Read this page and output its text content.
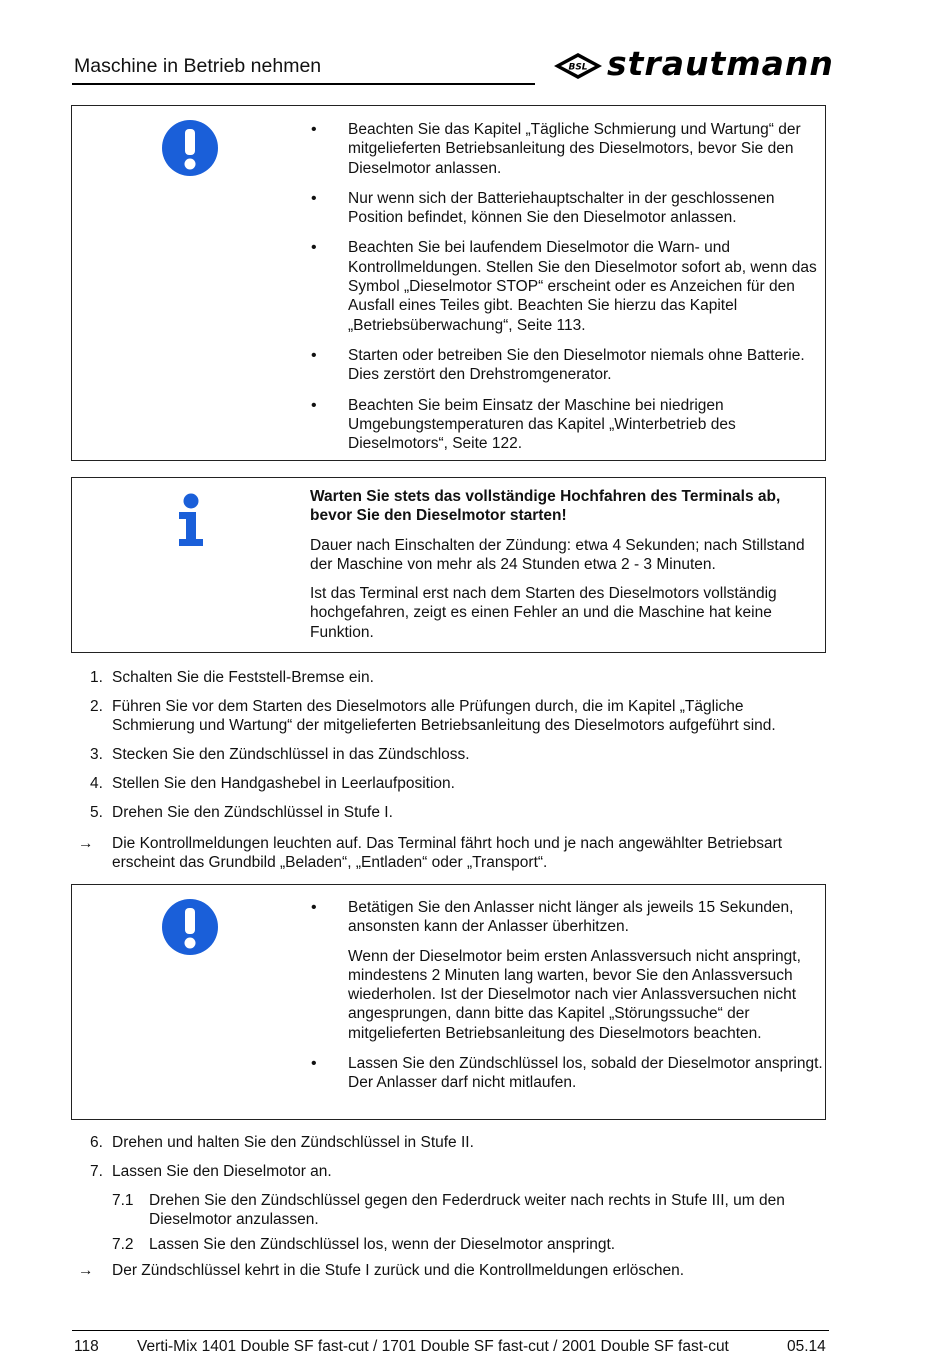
Maschine in Betrieb nehmen	BSL strautmann
• Beachten Sie das Kapitel „Tägliche Schmierung und Wartung“ der mitgelieferten Betriebsanleitung des Dieselmotors, bevor Sie den Dieselmotor anlassen.
• Nur wenn sich der Batteriehauptschalter in der geschlossenen Position befindet, können Sie den Dieselmotor anlassen.
• Beachten Sie bei laufendem Dieselmotor die Warn- und Kontrollmeldungen. Stellen Sie den Dieselmotor sofort ab, wenn das Symbol „Dieselmotor STOP“ erscheint oder es Anzeichen für den Ausfall eines Teiles gibt. Beachten Sie hierzu das Kapitel „Betriebsüberwachung“, Seite 113.
• Starten oder betreiben Sie den Dieselmotor niemals ohne Batterie. Dies zerstört den Drehstromgenerator.
• Beachten Sie beim Einsatz der Maschine bei niedrigen Umgebungstemperaturen das Kapitel „Winterbetrieb des Dieselmotors“, Seite 122.

Warten Sie stets das vollständige Hochfahren des Terminals ab, bevor Sie den Dieselmotor starten!

Dauer nach Einschalten der Zündung: etwa 4 Sekunden; nach Stillstand der Maschine von mehr als 24 Stunden etwa 2 - 3 Minuten.

Ist das Terminal erst nach dem Starten des Dieselmotors vollständig hochgefahren, zeigt es einen Fehler an und die Maschine hat keine Funktion.

1. Schalten Sie die Feststell-Bremse ein.
2. Führen Sie vor dem Starten des Dieselmotors alle Prüfungen durch, die im Kapitel „Tägliche Schmierung und Wartung“ der mitgelieferten Betriebsanleitung des Dieselmotors aufgeführt sind.
3. Stecken Sie den Zündschlüssel in das Zündschloss.
4. Stellen Sie den Handgashebel in Leerlaufposition.
5. Drehen Sie den Zündschlüssel in Stufe I.
→ Die Kontrollmeldungen leuchten auf. Das Terminal fährt hoch und je nach angewählter Betriebsart erscheint das Grundbild „Beladen“, „Entladen“ oder „Transport“.

• Betätigen Sie den Anlasser nicht länger als jeweils 15 Sekunden, ansonsten kann der Anlasser überhitzen.

Wenn der Dieselmotor beim ersten Anlassversuch nicht anspringt, mindestens 2 Minuten lang warten, bevor Sie den Anlassversuch wiederholen. Ist der Dieselmotor nach vier Anlassversuchen nicht angesprungen, dann bitte das Kapitel „Störungssuche“ der mitgelieferten Betriebsanleitung des Dieselmotors beachten.

• Lassen Sie den Zündschlüssel los, sobald der Dieselmotor anspringt. Der Anlasser darf nicht mitlaufen.
6. Drehen und halten Sie den Zündschlüssel in Stufe II.
7. Lassen Sie den Dieselmotor an.
7.1 Drehen Sie den Zündschlüssel gegen den Federdruck weiter nach rechts in Stufe III, um den Dieselmotor anzulassen.
7.2 Lassen Sie den Zündschlüssel los, wenn der Dieselmotor anspringt.
→ Der Zündschlüssel kehrt in die Stufe I zurück und die Kontrollmeldungen erlöschen.
118 Verti-Mix 1401 Double SF fast-cut / 1701 Double SF fast-cut / 2001 Double SF fast-cut	05.14
